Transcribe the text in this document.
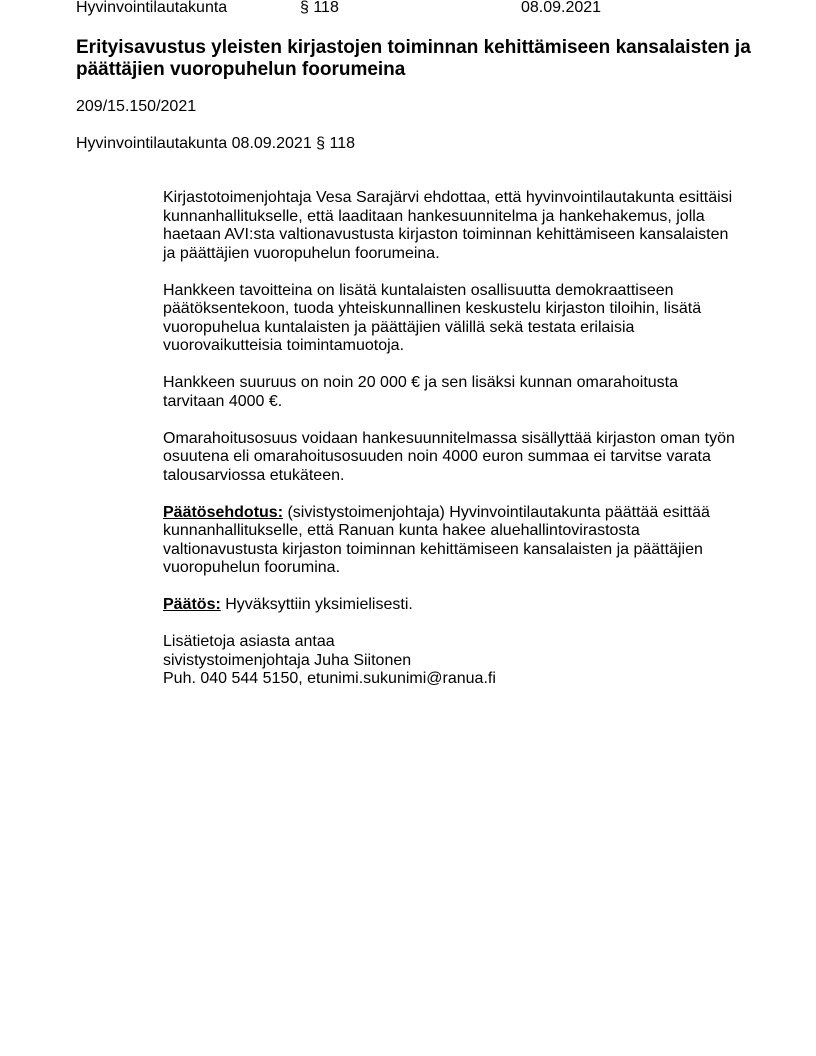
Hyvinvointilautakunta	§ 118	08.09.2021
Erityisavustus yleisten kirjastojen toiminnan kehittämiseen kansalaisten ja päättäjien vuoropuhelun foorumeina

209/15.150/2021

Hyvinvointilautakunta 08.09.2021 § 118

Kirjastotoimenjohtaja Vesa Sarajärvi ehdottaa, että hyvinvointilautakunta esittäisi kunnanhallitukselle, että laaditaan hankesuunnitelma ja hankehakemus, jolla haetaan AVI:sta valtionavustusta kirjaston toiminnan kehittämiseen kansalaisten ja päättäjien vuoropuhelun foorumeina.

Hankkeen tavoitteina on lisätä kuntalaisten osallisuutta demokraattiseen päätöksentekoon, tuoda yhteiskunnallinen keskustelu kirjaston tiloihin, lisätä vuoropuhelua kuntalaisten ja päättäjien välillä sekä testata erilaisia vuorovaikutteisia toimintamuotoja.

Hankkeen suuruus on noin 20 000 € ja sen lisäksi kunnan omarahoitusta tarvitaan 4000 €.

Omarahoitusosuus voidaan hankesuunnitelmassa sisällyttää kirjaston oman työn osuutena eli omarahoitusosuuden noin 4000 euron summaa ei tarvitse varata talousarviossa etukäteen.

Päätösehdotus: (sivistystoimenjohtaja) Hyvinvointilautakunta päättää esittää kunnanhallitukselle, että Ranuan kunta hakee aluehallintovirastosta valtionavustusta kirjaston toiminnan kehittämiseen kansalaisten ja päättäjien vuoropuhelun foorumina.

Päätös: Hyväksyttiin yksimielisesti.

Lisätietoja asiasta antaa
sivistystoimenjohtaja Juha Siitonen
Puh. 040 544 5150, etunimi.sukunimi@ranua.fi
